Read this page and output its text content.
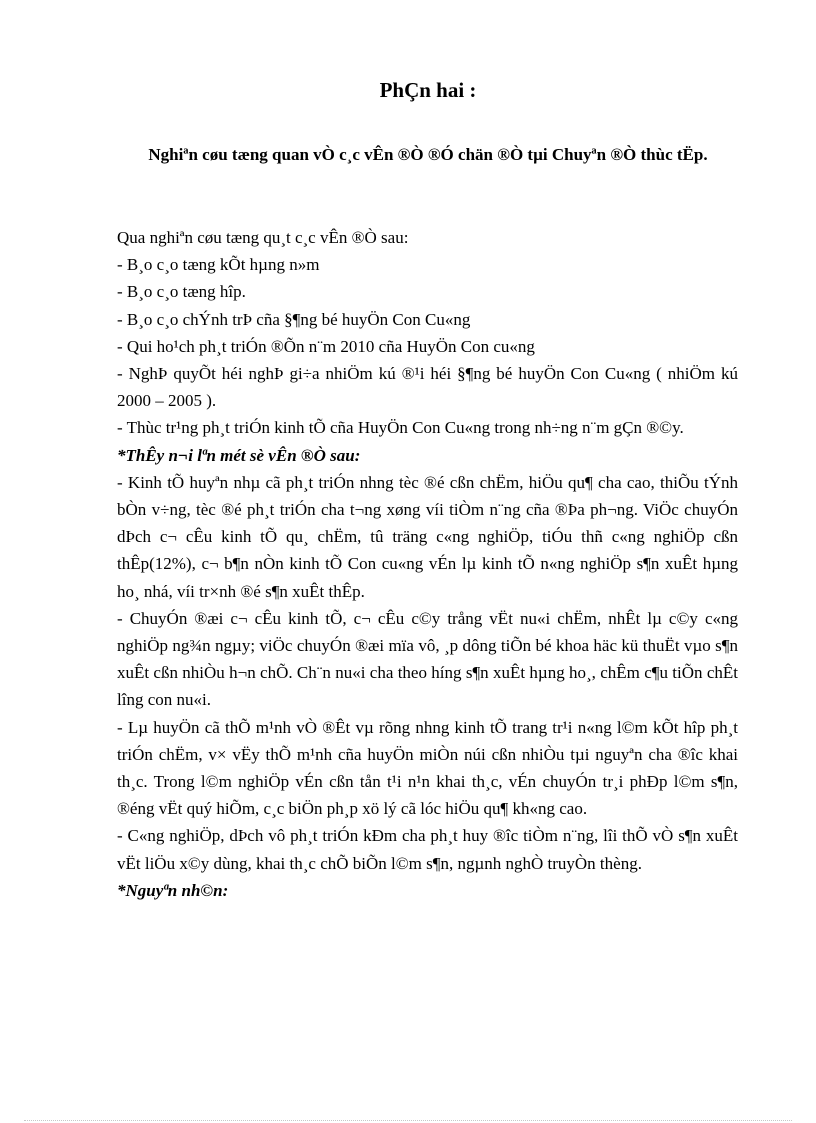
PhÇn hai :
Nghiªn cøu tæng quan vÒ c¸c vÊn ®Ò ®Ó chän ®Ò tµi Chuyªn ®Ò thùc tËp.

Qua nghiªn cøu tæng qu¸t c¸c vÊn ®Ò sau:

- B¸o c¸o tæng kÕt hµng n»m

- B¸o c¸o tæng hîp.

- B¸o c¸o chÝnh trÞ cña §¶ng bé huyÖn Con Cu«ng

- Qui ho¹ch ph¸t triÓn ®Õn n¨m 2010 cña HuyÖn Con cu«ng

- NghÞ quyÕt héi nghÞ gi÷a nhiÖm kú ®¹i héi §¶ng bé huyÖn Con Cu«ng ( nhiÖm kú 2000 – 2005 ).

- Thùc tr¹ng ph¸t triÓn kinh tÕ cña HuyÖn Con Cu«ng trong nh÷ng n¨m gÇn ®©y.

*ThÊy n¬i lªn mét sè vÊn ®Ò sau:

- Kinh tÕ huyªn nhµ cã ph¸t triÓn nhng tèc ®é cßn chËm, hiÖu qu¶ cha cao, thiÕu tÝnh bÒn v÷ng, tèc ®é ph¸t triÓn cha t¬ng xøng víi tiÒm n¨ng cña ®Þa ph¬ng. ViÖc chuyÓn dÞch c¬ cÊu kinh tÕ qu¸ chËm, tû träng c«ng nghiÖp, tiÓu thñ c«ng nghiÖp cßn thÊp(12%), c¬ b¶n nÒn kinh tÕ Con cu«ng vÉn lµ kinh tÕ n«ng nghiÖp s¶n xuÊt hµng ho¸ nhá, víi tr×nh ®é s¶n xuÊt thÊp.

- ChuyÓn ®æi c¬ cÊu kinh tÕ, c¬ cÊu c©y trång vËt nu«i chËm, nhÊt lµ c©y c«ng nghiÖp ng¾n ngµy; viÖc chuyÓn ®æi mïa vô, ¸p dông tiÕn bé khoa häc kü thuËt vµo s¶n xuÊt cßn nhiÒu h¬n chÕ. Ch¨n nu«i cha theo híng s¶n xuÊt hµng ho¸, chÊm c¶u tiÕn chÊt lîng con nu«i.

- Lµ huyÖn cã thÕ m¹nh vÒ ®Êt vµ rõng nhng kinh tÕ trang tr¹i n«ng l©m kÕt hîp ph¸t triÓn chËm, v× vËy thÕ m¹nh cña huyÖn miÒn núi cßn nhiÒu tµi nguyªn cha ®îc khai th¸c. Trong l©m nghiÖp vÉn cßn tån t¹i n¹n khai th¸c, vÉn chuyÓn tr¸i phÐp l©m s¶n, ®éng vËt quý hiÕm, c¸c biÖn ph¸p xö lý cã lóc hiÖu qu¶ kh«ng cao.

- C«ng nghiÖp, dÞch vô ph¸t triÓn kÐm cha ph¸t huy ®îc tiÒm n¨ng, lîi thÕ vÒ s¶n xuÊt vËt liÖu x©y dùng, khai th¸c chÕ biÕn l©m s¶n, ngµnh nghÒ truyÒn thèng.

*Nguyªn nh©n:
